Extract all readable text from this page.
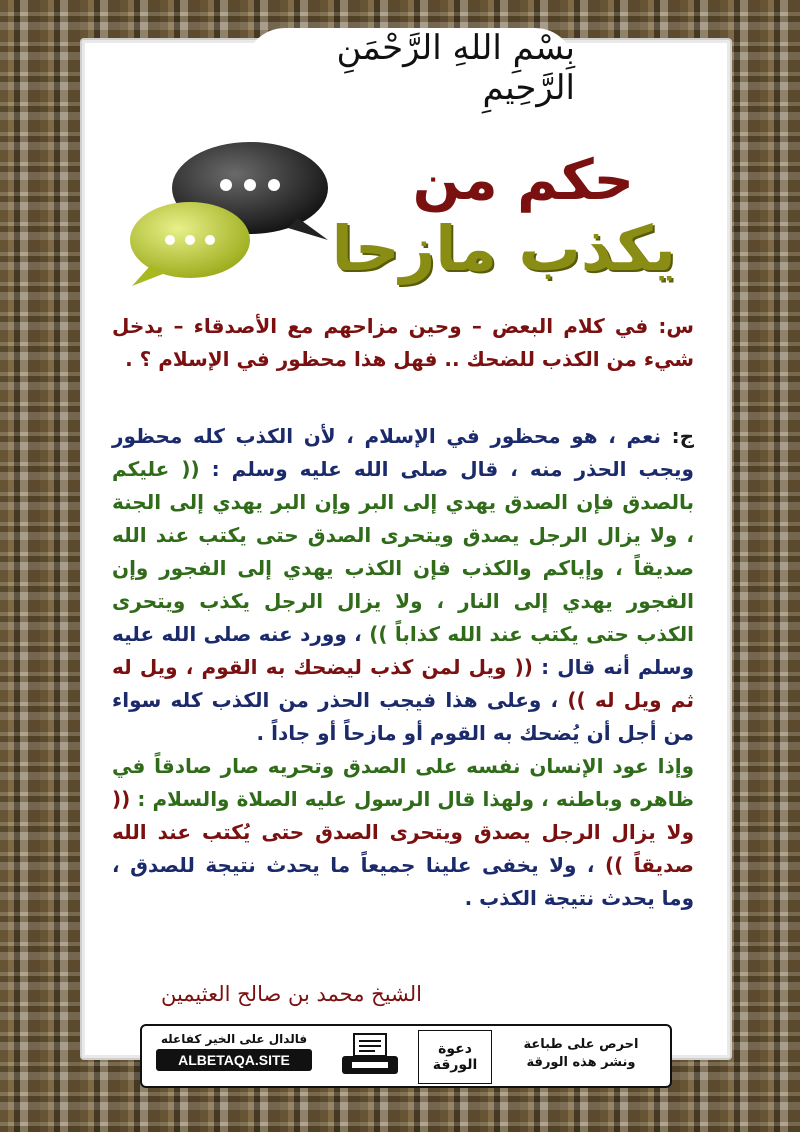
بِسْمِ اللهِ الرَّحْمَنِ الرَّحِيمِ
حكم من
يكذب مازحا

س: في كلام البعض – وحين مزاحهم مع الأصدقاء – يدخل شيء من الكذب للضحك .. فهل هذا محظور في الإسلام ؟ .

ج: نعم ، هو محظور في الإسلام ، لأن الكذب كله محظور ويجب الحذر منه ، قال صلى الله عليه وسلم : (( عليكم بالصدق فإن الصدق يهدي إلى البر وإن البر يهدي إلى الجنة ، ولا يزال الرجل يصدق ويتحرى الصدق حتى يكتب عند الله صديقاً ، وإياكم والكذب فإن الكذب يهدي إلى الفجور وإن الفجور يهدي إلى النار ، ولا يزال الرجل يكذب ويتحرى الكذب حتى يكتب عند الله كذاباً )) ، وورد عنه صلى الله عليه وسلم أنه قال : (( ويل لمن كذب ليضحك به القوم ، ويل له ثم ويل له )) ، وعلى هذا فيجب الحذر من الكذب كله سواء من أجل أن يُضحك به القوم أو مازحاً أو جاداً .
وإذا عود الإنسان نفسه على الصدق وتحريه صار صادقاً في ظاهره وباطنه ، ولهذا قال الرسول عليه الصلاة والسلام : (( ولا يزال الرجل يصدق ويتحرى الصدق حتى يُكتب عند الله صديقاً )) ، ولا يخفى علينا جميعاً ما يحدث نتيجة للصدق ، وما يحدث نتيجة الكذب .

الشيخ محمد بن صالح العثيمين
فالدال على الخير كفاعله
ALBETAQA.SITE
دعوة الورقة
احرص على طباعة ونشر هذه الورقة
